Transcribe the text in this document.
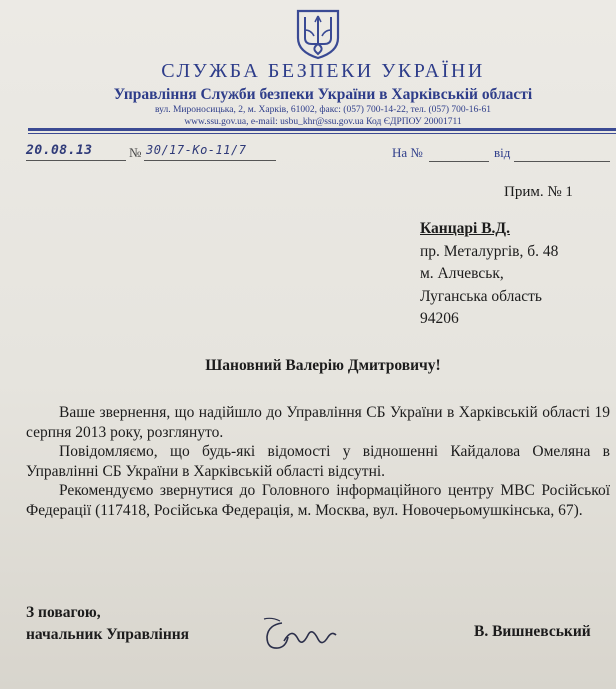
СЛУЖБА БЕЗПЕКИ УКРАЇНИ
Управління Служби безпеки України в Харківській області
вул. Мироносицька, 2, м. Харків, 61002, факс: (057) 700-14-22, тел. (057) 700-16-61
www.ssu.gov.ua, e-mail: usbu_khr@ssu.gov.ua Код ЄДРПОУ 20001711
20.08.13	№ 30/17-Ко-11/7	На №	від
Прим. № 1
Канцарі В.Д.
пр. Металургів, б. 48
м. Алчевськ,
Луганська область
94206
Шановний Валерію Дмитровичу!

Ваше звернення, що надійшло до Управління СБ України в Харківській області 19 серпня 2013 року, розглянуто.

Повідомляємо, що будь-які відомості у відношенні Кайдалова Омеляна в Управлінні СБ України в Харківській області відсутні.

Рекомендуємо звернутися до Головного інформаційного центру МВС Російської Федерації (117418, Російська Федерація, м. Москва, вул. Новочерьомушкінська, 67).

З повагою,
начальник Управління	В. Вишневський
